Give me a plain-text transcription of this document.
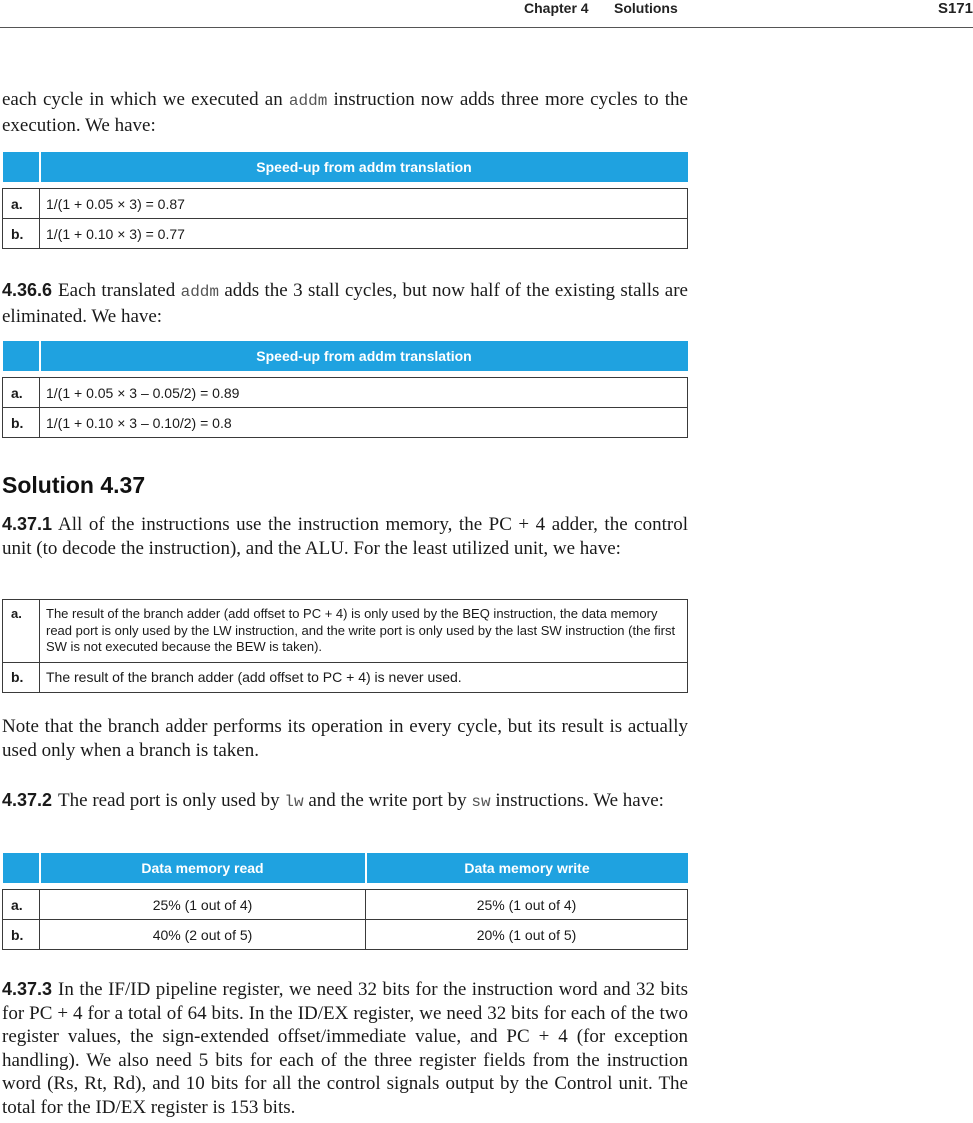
Chapter 4 Solutions	S171
each cycle in which we executed an addm instruction now adds three more cycles to the execution. We have:
	Speed-up from addm translation

a.	1/(1 + 0.05 × 3) = 0.87
b.	1/(1 + 0.10 × 3) = 0.77
4.36.6 Each translated addm adds the 3 stall cycles, but now half of the existing stalls are eliminated. We have:
	Speed-up from addm translation

a.	1/(1 + 0.05 × 3 – 0.05/2) = 0.89
b.	1/(1 + 0.10 × 3 – 0.10/2) = 0.8
Solution 4.37
4.37.1 All of the instructions use the instruction memory, the PC + 4 adder, the control unit (to decode the instruction), and the ALU. For the least utilized unit, we have:
a.	The result of the branch adder (add offset to PC + 4) is only used by the BEQ instruction, the data memory read port is only used by the LW instruction, and the write port is only used by the last SW instruction (the first SW is not executed because the BEW is taken).
b.	The result of the branch adder (add offset to PC + 4) is never used.
Note that the branch adder performs its operation in every cycle, but its result is actually used only when a branch is taken.
4.37.2 The read port is only used by lw and the write port by sw instructions. We have:
	Data memory read	Data memory write

a.	25% (1 out of 4)	25% (1 out of 4)
b.	40% (2 out of 5)	20% (1 out of 5)
4.37.3 In the IF/ID pipeline register, we need 32 bits for the instruction word and 32 bits for PC + 4 for a total of 64 bits. In the ID/EX register, we need 32 bits for each of the two register values, the sign-extended offset/immediate value, and PC + 4 (for exception handling). We also need 5 bits for each of the three register fields from the instruction word (Rs, Rt, Rd), and 10 bits for all the control signals output by the Control unit. The total for the ID/EX register is 153 bits.
